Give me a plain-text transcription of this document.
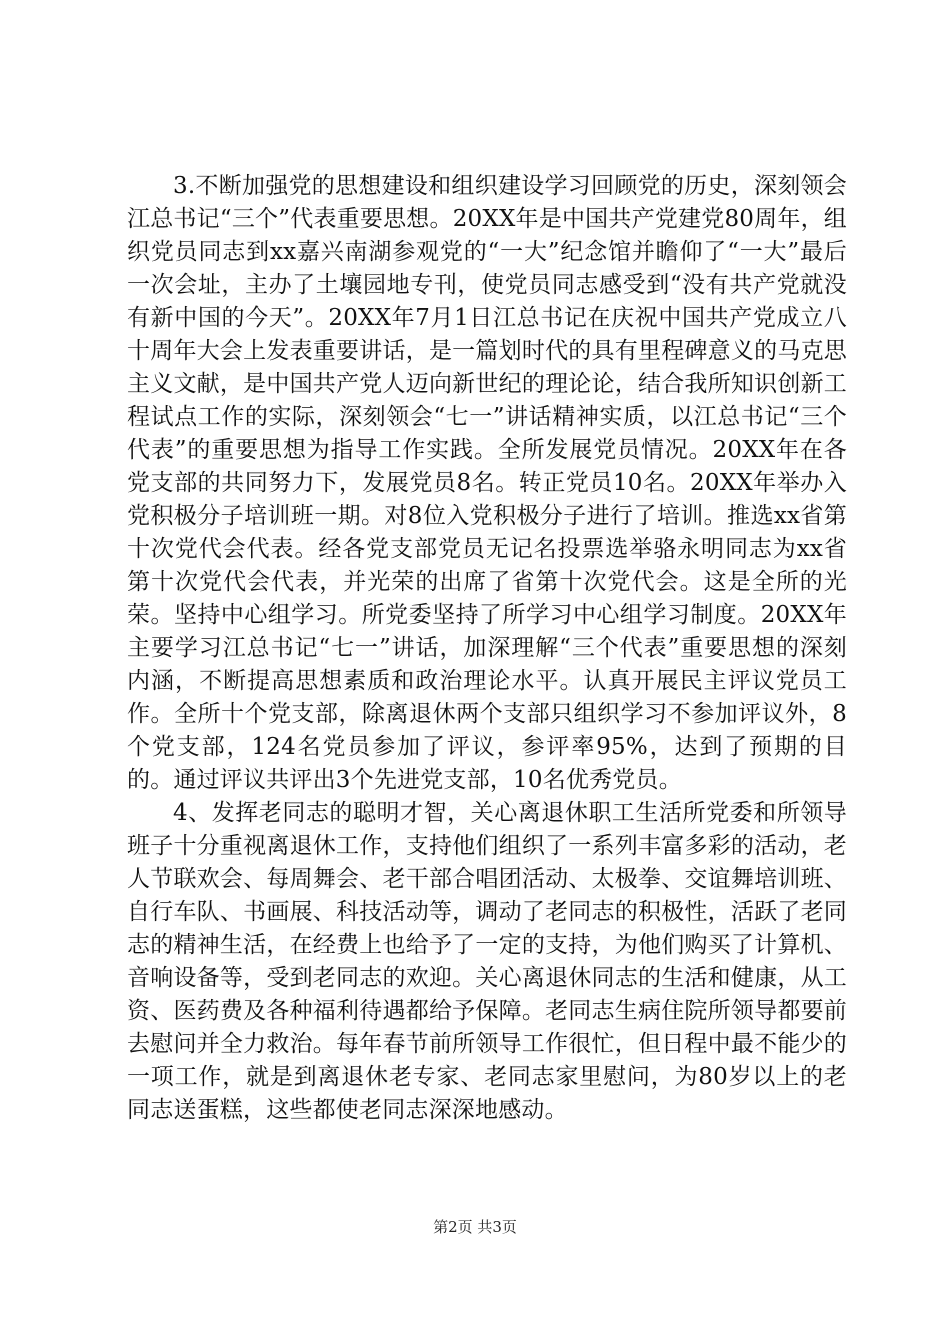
3.不断加强党的思想建设和组织建设学习回顾党的历史，深刻领会江总书记“三个”代表重要思想。20XX年是中国共产党建党80周年，组织党员同志到xx嘉兴南湖参观党的“一大”纪念馆并瞻仰了“一大”最后一次会址，主办了土壤园地专刊，使党员同志感受到“没有共产党就没有新中国的今天”。20XX年7月1日江总书记在庆祝中国共产党成立八十周年大会上发表重要讲话，是一篇划时代的具有里程碑意义的马克思主义文献，是中国共产党人迈向新世纪的理论论，结合我所知识创新工程试点工作的实际，深刻领会“七一”讲话精神实质，以江总书记“三个代表”的重要思想为指导工作实践。全所发展党员情况。20XX年在各党支部的共同努力下，发展党员8名。转正党员10名。20XX年举办入党积极分子培训班一期。对8位入党积极分子进行了培训。推选xx省第十次党代会代表。经各党支部党员无记名投票选举骆永明同志为xx省第十次党代会代表，并光荣的出席了省第十次党代会。这是全所的光荣。坚持中心组学习。所党委坚持了所学习中心组学习制度。20XX年主要学习江总书记“七一”讲话，加深理解“三个代表”重要思想的深刻内涵，不断提高思想素质和政治理论水平。认真开展民主评议党员工作。全所十个党支部，除离退休两个支部只组织学习不参加评议外，8个党支部，124名党员参加了评议，参评率95%，达到了预期的目的。通过评议共评出3个先进党支部，10名优秀党员。

4、发挥老同志的聪明才智，关心离退休职工生活所党委和所领导班子十分重视离退休工作，支持他们组织了一系列丰富多彩的活动，老人节联欢会、每周舞会、老干部合唱团活动、太极拳、交谊舞培训班、自行车队、书画展、科技活动等，调动了老同志的积极性，活跃了老同志的精神生活，在经费上也给予了一定的支持，为他们购买了计算机、音响设备等，受到老同志的欢迎。关心离退休同志的生活和健康，从工资、医药费及各种福利待遇都给予保障。老同志生病住院所领导都要前去慰问并全力救治。每年春节前所领导工作很忙，但日程中最不能少的一项工作，就是到离退休老专家、老同志家里慰问，为80岁以上的老同志送蛋糕，这些都使老同志深深地感动。

第2页 共3页
